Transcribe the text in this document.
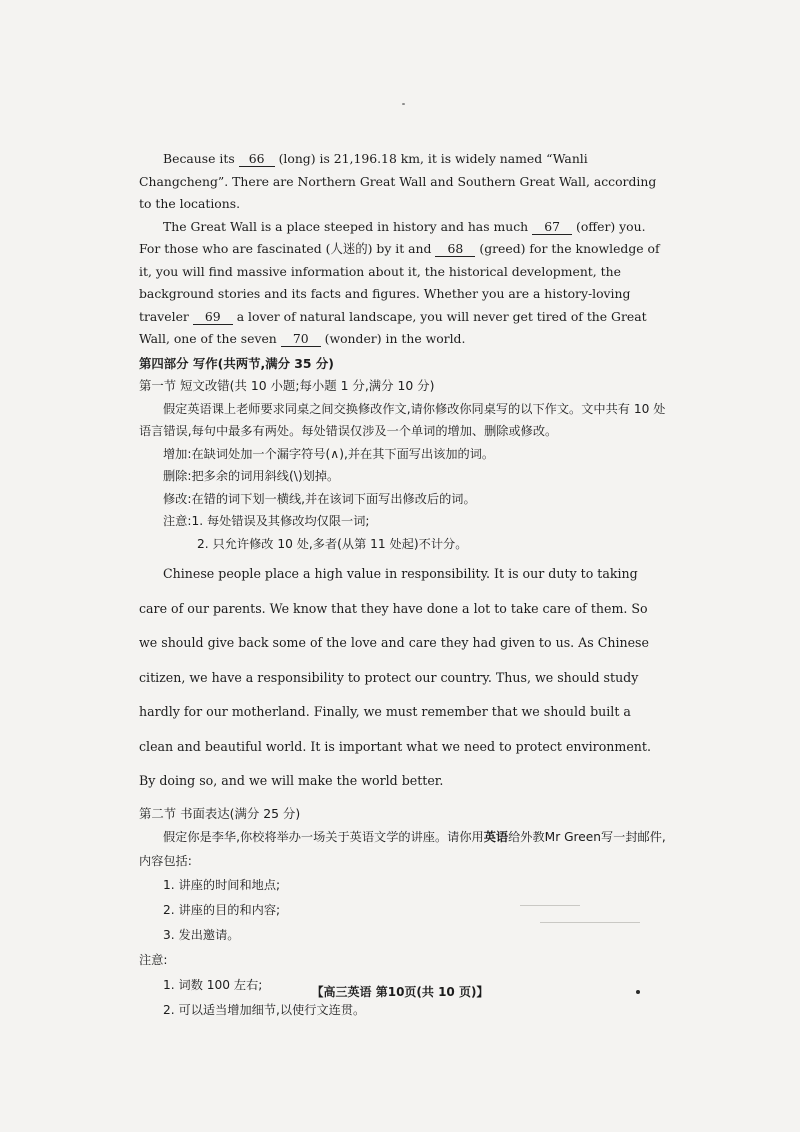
Because its 66 (long) is 21,196.18 km, it is widely named “Wanli Changcheng”. There are Northern Great Wall and Southern Great Wall, according to the locations.

The Great Wall is a place steeped in history and has much 67 (offer) you. For those who are fascinated (人迷的) by it and 68 (greed) for the knowledge of it, you will find massive information about it, the historical development, the background stories and its facts and figures. Whether you are a history-loving traveler 69 a lover of natural landscape, you will never get tired of the Great Wall, one of the seven 70 (wonder) in the world.

第四部分 写作(共两节,满分 35 分)

第一节 短文改错(共 10 小题;每小题 1 分,满分 10 分)

假定英语课上老师要求同桌之间交换修改作文,请你修改你同桌写的以下作文。文中共有 10 处语言错误,每句中最多有两处。每处错误仅涉及一个单词的增加、删除或修改。

增加:在缺词处加一个漏字符号(∧),并在其下面写出该加的词。

删除:把多余的词用斜线(\)划掉。

修改:在错的词下划一横线,并在该词下面写出修改后的词。

注意:1. 每处错误及其修改均仅限一词;

2. 只允许修改 10 处,多者(从第 11 处起)不计分。

Chinese people place a high value in responsibility. It is our duty to taking care of our parents. We know that they have done a lot to take care of them. So we should give back some of the love and care they had given to us. As Chinese citizen, we have a responsibility to protect our country. Thus, we should study hardly for our motherland. Finally, we must remember that we should built a clean and beautiful world. It is important what we need to protect environment. By doing so, and we will make the world better.

第二节 书面表达(满分 25 分)

假定你是李华,你校将举办一场关于英语文学的讲座。请你用英语给外教Mr Green写一封邮件,内容包括:

1. 讲座的时间和地点;

2. 讲座的目的和内容;

3. 发出邀请。

注意:

1. 词数 100 左右;

2. 可以适当增加细节,以使行文连贯。

【高三英语 第10页(共 10 页)】
